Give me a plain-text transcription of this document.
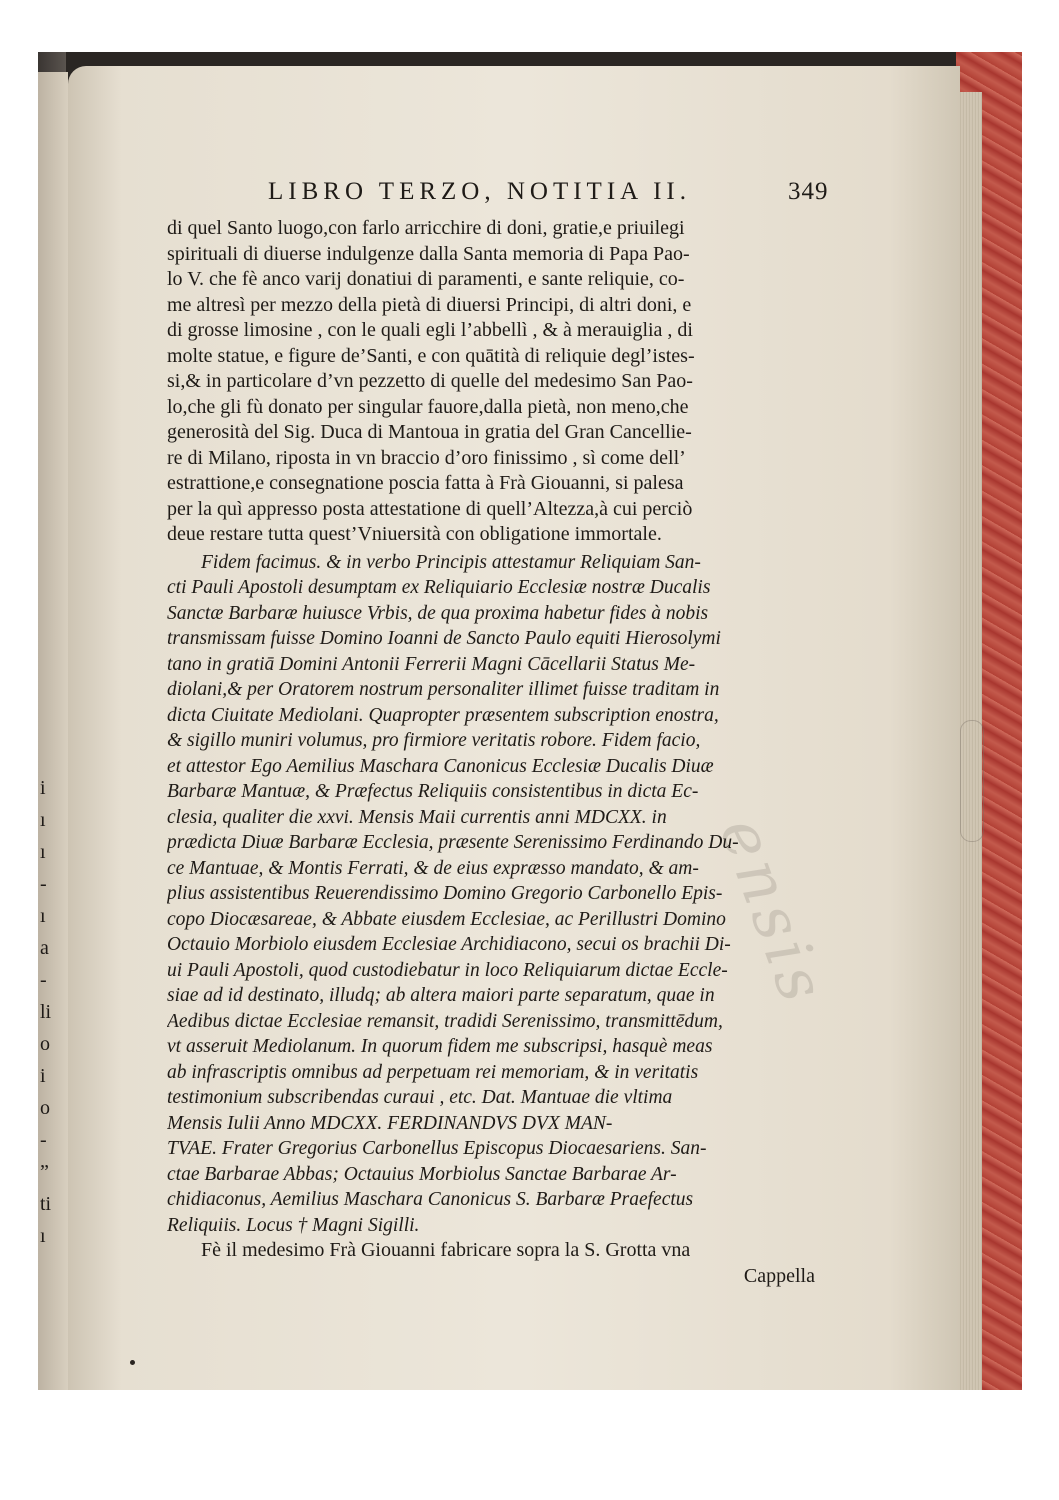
i
ı
ı
-
ı
a
-
li
o
i
o
-
”
ti
ı
LIBRO TERZO, NOTITIA II.	349
ensis
di quel Santo luogo,con farlo arricchire di doni, gratie,e priuilegi
spirituali di diuerse indulgenze dalla Santa memoria di Papa Pao-
lo V. che fè anco varij donatiui di paramenti, e sante reliquie, co-
me altresì per mezzo della pietà di diuersi Principi, di altri doni, e
di grosse limosine , con le quali egli l’abbellì , & à merauiglia , di
molte statue, e figure de’Santi, e con quātità di reliquie degl’istes-
si,& in particolare d’vn pezzetto di quelle del medesimo San Pao-
lo,che gli fù donato per singular fauore,dalla pietà, non meno,che
generosità del Sig. Duca di Mantoua in gratia del Gran Cancellie-
re di Milano, riposta in vn braccio d’oro finissimo , sì come dell’
estrattione,e consegnatione poscia fatta à Frà Giouanni, si palesa
per la quì appresso posta attestatione di quell’Altezza,à cui perciò
deue restare tutta quest’Vniuersità con obligatione immortale.
Fidem facimus. & in verbo Principis attestamur Reliquiam San-
cti Pauli Apostoli desumptam ex Reliquiario Ecclesiæ nostræ Ducalis
Sanctæ Barbaræ huiusce Vrbis, de qua proxima habetur fides à nobis
transmissam fuisse Domino Ioanni de Sancto Paulo equiti Hierosolymi
tano in gratiā Domini Antonii Ferrerii Magni Cācellarii Status Me-
diolani,& per Oratorem nostrum personaliter illimet fuisse traditam in
dicta Ciuitate Mediolani. Quapropter præsentem subscription enostra,
& sigillo muniri volumus, pro firmiore veritatis robore. Fidem facio,
et attestor Ego Aemilius Maschara Canonicus Ecclesiæ Ducalis Diuæ
Barbaræ Mantuæ, & Præfectus Reliquiis consistentibus in dicta Ec-
clesia, qualiter die xxvi. Mensis Maii currentis anni MDCXX. in
prædicta Diuæ Barbaræ Ecclesia, præsente Serenissimo Ferdinando Du-
ce Mantuae, & Montis Ferrati, & de eius expræsso mandato, & am-
plius assistentibus Reuerendissimo Domino Gregorio Carbonello Epis-
copo Diocæsareae, & Abbate eiusdem Ecclesiae, ac Perillustri Domino
Octauio Morbiolo eiusdem Ecclesiae Archidiacono, secui os brachii Di-
ui Pauli Apostoli, quod custodiebatur in loco Reliquiarum dictae Eccle-
siae ad id destinato, illudq; ab altera maiori parte separatum, quae in
Aedibus dictae Ecclesiae remansit, tradidi Serenissimo, transmittēdum,
vt asseruit Mediolanum. In quorum fidem me subscripsi, hasquè meas
ab infrascriptis omnibus ad perpetuam rei memoriam, & in veritatis
testimonium subscribendas curaui , etc. Dat. Mantuae die vltima
Mensis Iulii Anno MDCXX. FERDINANDVS DVX MAN-
TVAE. Frater Gregorius Carbonellus Episcopus Diocaesariens. San-
ctae Barbarae Abbas; Octauius Morbiolus Sanctae Barbarae Ar-
chidiaconus, Aemilius Maschara Canonicus S. Barbaræ Praefectus
Reliquiis. Locus † Magni Sigilli.
Fè il medesimo Frà Giouanni fabricare sopra la S. Grotta vna
Cappella
